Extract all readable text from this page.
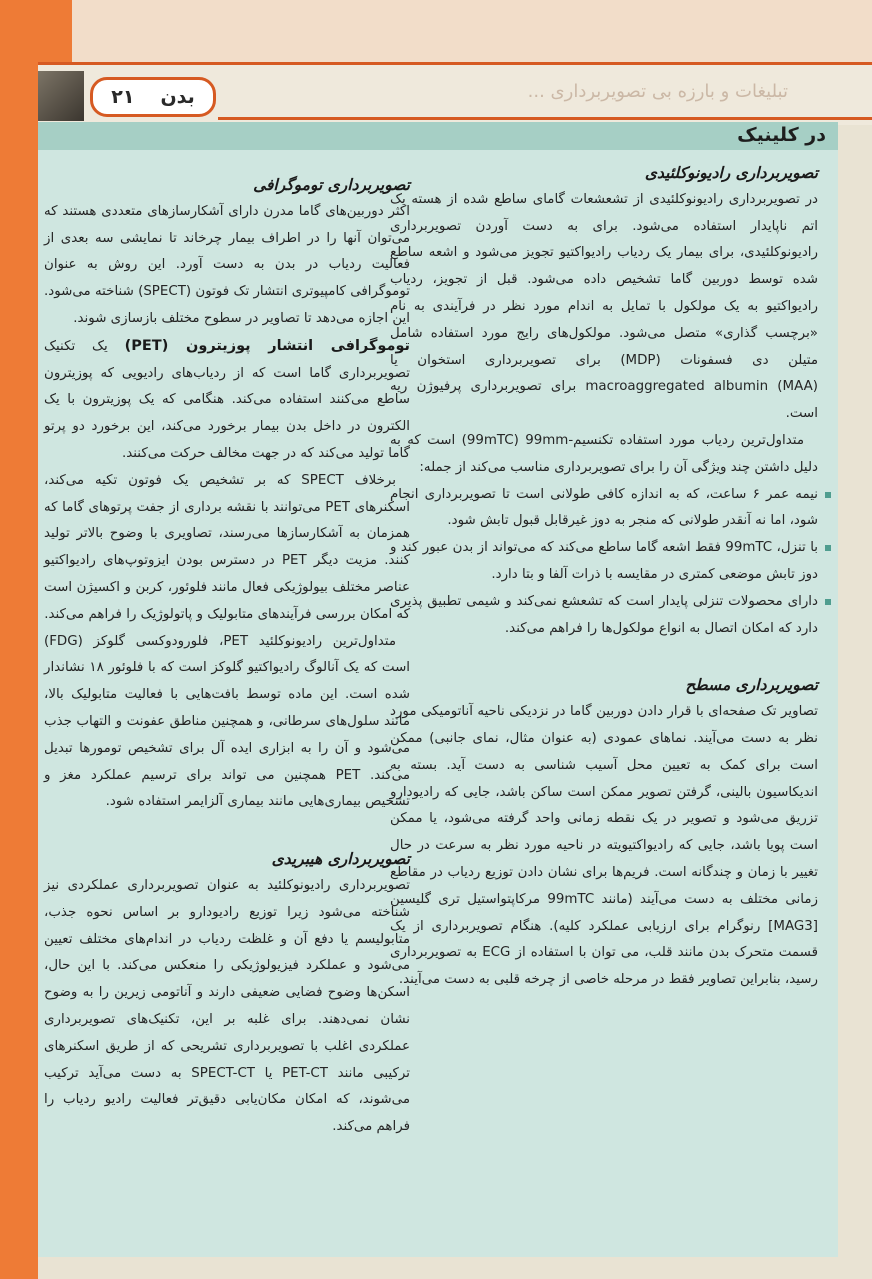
بدن
۲۱	تبلیغات و بارزه بی تصویربرداری ...
در کلینیک
تصویربرداری رادیونوکلئیدی

در تصویربرداری رادیونوکلئیدی از تشعشعات گامای ساطع شده از هسته یک اتم ناپایدار استفاده می‌شود. برای به دست آوردن تصویربرداری رادیونوکلئیدی، برای بیمار یک ردیاب رادیواکتیو تجویز می‌شود و اشعه ساطع شده توسط دوربین گاما تشخیص داده می‌شود. قبل از تجویز، ردیاب رادیواکتیو به یک مولکول با تمایل به اندام مورد نظر در فرآیندی به نام «برچسب گذاری» متصل می‌شود. مولکول‌های رایج مورد استفاده شامل متیلن دی فسفونات (MDP) برای تصویربرداری استخوان یا macroaggregated albumin (MAA) برای تصویربرداری پرفیوژن ریه است.

متداول‌ترین ردیاب مورد استفاده تکنسیم-99mTC) 99mm) است که به دلیل داشتن چند ویژگی آن را برای تصویربرداری مناسب می‌کند از جمله:

نیمه عمر ۶ ساعت، که به اندازه کافی طولانی است تا تصویربرداری انجام شود، اما نه آنقدر طولانی که منجر به دوز غیرقابل قبول تابش شود.
با تنزل، 99mTC فقط اشعه گاما ساطع می‌کند که می‌تواند از بدن عبور کند و دوز تابش موضعی کمتری در مقایسه با ذرات آلفا و بتا دارد.
دارای محصولات تنزلی پایدار است که تشعشع نمی‌کند و شیمی تطبیق پذیری دارد که امکان اتصال به انواع مولکول‌ها را فراهم می‌کند.
تصویربرداری مسطح

تصاویر تک صفحه‌ای با قرار دادن دوربین گاما در نزدیکی ناحیه آناتومیکی مورد نظر به دست می‌آیند. نماهای عمودی (به عنوان مثال، نمای جانبی) ممکن است برای کمک به تعیین محل آسیب شناسی به دست آید. بسته به اندیکاسیون بالینی، گرفتن تصویر ممکن است ساکن باشد، جایی که رادیودارو تزریق می‌شود و تصویر در یک نقطه زمانی واحد گرفته می‌شود، یا ممکن است پویا باشد، جایی که رادیواکتیویته در ناحیه مورد نظر به سرعت در حال تغییر با زمان و چندگانه است. فریم‌ها برای نشان دادن توزیع ردیاب در مقاطع زمانی مختلف به دست می‌آیند (مانند 99mTC مرکاپتواستیل تری گلیسین [MAG3] رنوگرام برای ارزیابی عملکرد کلیه). هنگام تصویربرداری از یک قسمت متحرک بدن مانند قلب، می توان با استفاده از ECG به تصویربرداری رسید، بنابراین تصاویر فقط در مرحله خاصی از چرخه قلبی به دست می‌آیند.

تصویربرداری توموگرافی

اکثر دوربین‌های گاما مدرن دارای آشکارسازهای متعددی هستند که می‌توان آنها را در اطراف بیمار چرخاند تا نمایشی سه بعدی از فعالیت ردیاب در بدن به دست آورد. این روش به عنوان توموگرافی کامپیوتری انتشار تک فوتون (SPECT) شناخته می‌شود. این اجازه می‌دهد تا تصاویر در سطوح مختلف بازسازی شوند.

توموگرافی انتشار پوزیترون (PET) یک تکنیک تصویربرداری گاما است که از ردیاب‌های رادیویی که پوزیترون ساطع می‌کنند استفاده می‌کند. هنگامی که یک پوزیترون با یک الکترون در داخل بدن بیمار برخورد می‌کند، این برخورد دو پرتو گاما تولید می‌کند که در جهت مخالف حرکت می‌کنند.

برخلاف SPECT که بر تشخیص یک فوتون تکیه می‌کند، اسکنرهای PET می‌توانند با نقشه برداری از جفت پرتوهای گاما که همزمان به آشکارسازها می‌رسند، تصاویری با وضوح بالاتر تولید کنند. مزیت دیگر PET در دسترس بودن ایزوتوپ‌های رادیواکتیو عناصر مختلف بیولوژیکی فعال مانند فلوئور، کربن و اکسیژن است که امکان بررسی فرآیندهای متابولیک و پاتولوژیک را فراهم می‌کند.

متداول‌ترین رادیونوکلئید PET، فلورودوکسی گلوکز (FDG) است که یک آنالوگ رادیواکتیو گلوکز است که با فلوئور ۱۸ نشاندار شده است. این ماده توسط بافت‌هایی با فعالیت متابولیک بالا، مانند سلول‌های سرطانی، و همچنین مناطق عفونت و التهاب جذب می‌شود و آن را به ابزاری ایده آل برای تشخیص تومورها تبدیل می‌کند. PET همچنین می تواند برای ترسیم عملکرد مغز و تشخیص بیماری‌هایی مانند بیماری آلزایمر استفاده شود.

تصویربرداری هیبریدی

تصویربرداری رادیونوکلئید به عنوان تصویربرداری عملکردی نیز شناخته می‌شود زیرا توزیع رادیودارو بر اساس نحوه جذب، متابولیسم یا دفع آن و غلظت ردیاب در اندام‌های مختلف تعیین می‌شود و عملکرد فیزیولوژیکی را منعکس می‌کند. با این حال، اسکن‌ها وضوح فضایی ضعیفی دارند و آناتومی زیرین را به وضوح نشان نمی‌دهند. برای غلبه بر این، تکنیک‌های تصویربرداری عملکردی اغلب با تصویربرداری تشریحی که از طریق اسکنرهای ترکیبی مانند PET-CT یا SPECT-CT به دست می‌آید ترکیب می‌شوند، که امکان مکان‌یابی دقیق‌تر فعالیت رادیو ردیاب را فراهم می‌کند.
